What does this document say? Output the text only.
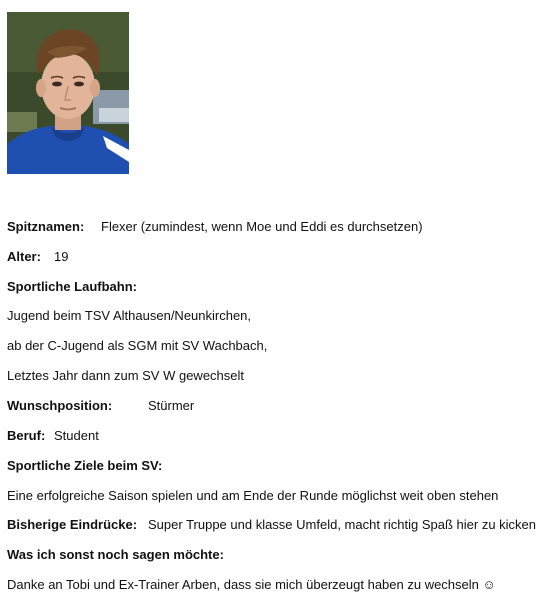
Spitznamen: Flexer (zumindest, wenn Moe und Eddi es durchsetzen)
Alter: 19
Sportliche Laufbahn:
Jugend beim TSV Althausen/Neunkirchen,
ab der C-Jugend als SGM mit SV Wachbach,
Letztes Jahr dann zum SV W gewechselt
Wunschposition:	Stürmer
Beruf: Student
Sportliche Ziele beim SV:
Eine erfolgreiche Saison spielen und am Ende der Runde möglichst weit oben stehen
Bisherige Eindrücke: Super Truppe und klasse Umfeld, macht richtig Spaß hier zu kicken
Was ich sonst noch sagen möchte:
Danke an Tobi und Ex-Trainer Arben, dass sie mich überzeugt haben zu wechseln ☺
